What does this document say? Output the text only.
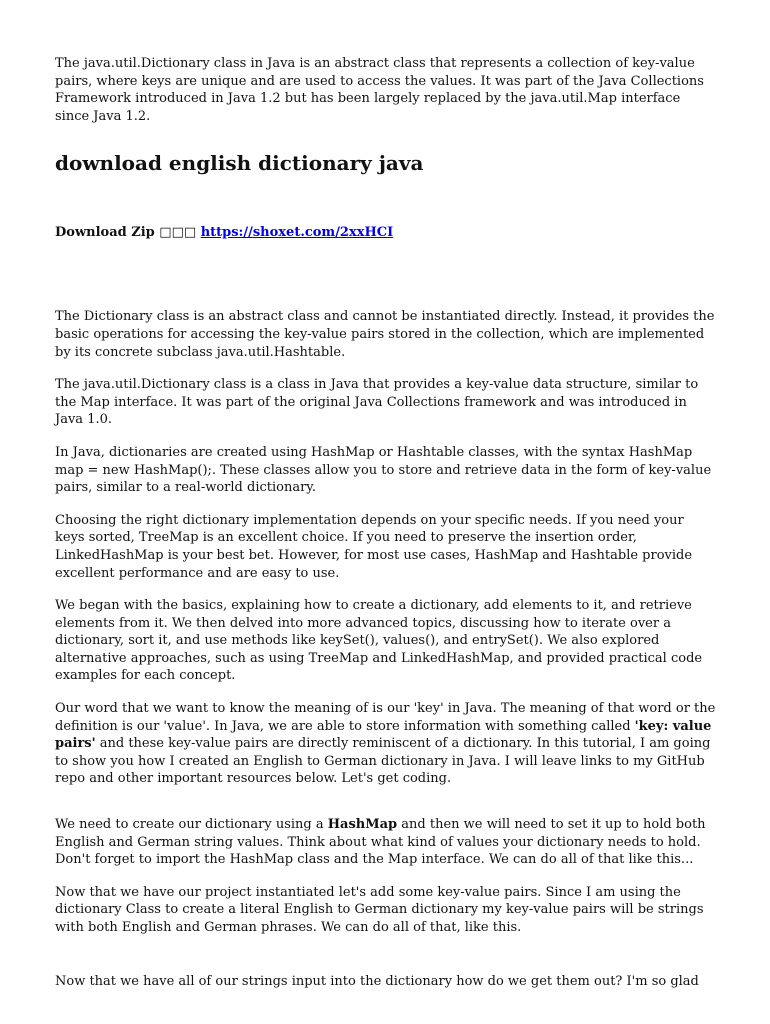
The java.util.Dictionary class in Java is an abstract class that represents a collection of key-value pairs, where keys are unique and are used to access the values. It was part of the Java Collections Framework introduced in Java 1.2 but has been largely replaced by the java.util.Map interface since Java 1.2.

download english dictionary java
Download Zip □□□ https://shoxet.com/2xxHCI

The Dictionary class is an abstract class and cannot be instantiated directly. Instead, it provides the basic operations for accessing the key-value pairs stored in the collection, which are implemented by its concrete subclass java.util.Hashtable.

The java.util.Dictionary class is a class in Java that provides a key-value data structure, similar to the Map interface. It was part of the original Java Collections framework and was introduced in Java 1.0.

In Java, dictionaries are created using HashMap or Hashtable classes, with the syntax HashMap map = new HashMap();. These classes allow you to store and retrieve data in the form of key-value pairs, similar to a real-world dictionary.

Choosing the right dictionary implementation depends on your specific needs. If you need your keys sorted, TreeMap is an excellent choice. If you need to preserve the insertion order, LinkedHashMap is your best bet. However, for most use cases, HashMap and Hashtable provide excellent performance and are easy to use.

We began with the basics, explaining how to create a dictionary, add elements to it, and retrieve elements from it. We then delved into more advanced topics, discussing how to iterate over a dictionary, sort it, and use methods like keySet(), values(), and entrySet(). We also explored alternative approaches, such as using TreeMap and LinkedHashMap, and provided practical code examples for each concept.

Our word that we want to know the meaning of is our 'key' in Java. The meaning of that word or the definition is our 'value'. In Java, we are able to store information with something called 'key: value pairs' and these key-value pairs are directly reminiscent of a dictionary. In this tutorial, I am going to show you how I created an English to German dictionary in Java. I will leave links to my GitHub repo and other important resources below. Let's get coding.

We need to create our dictionary using a HashMap and then we will need to set it up to hold both English and German string values. Think about what kind of values your dictionary needs to hold. Don't forget to import the HashMap class and the Map interface. We can do all of that like this...

Now that we have our project instantiated let's add some key-value pairs. Since I am using the dictionary Class to create a literal English to German dictionary my key-value pairs will be strings with both English and German phrases. We can do all of that, like this.

Now that we have all of our strings input into the dictionary how do we get them out? I'm so glad
